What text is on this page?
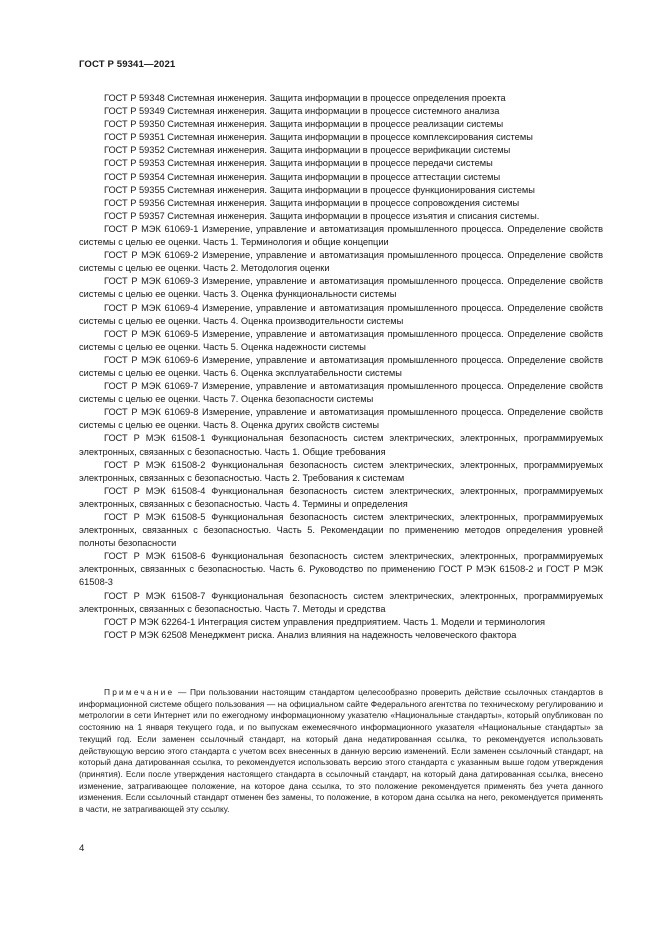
ГОСТ Р 59341—2021

ГОСТ Р 59348 Системная инженерия. Защита информации в процессе определения проекта

ГОСТ Р 59349 Системная инженерия. Защита информации в процессе системного анализа

ГОСТ Р 59350 Системная инженерия. Защита информации в процессе реализации системы

ГОСТ Р 59351 Системная инженерия. Защита информации в процессе комплексирования системы

ГОСТ Р 59352 Системная инженерия. Защита информации в процессе верификации системы

ГОСТ Р 59353 Системная инженерия. Защита информации в процессе передачи системы

ГОСТ Р 59354 Системная инженерия. Защита информации в процессе аттестации системы

ГОСТ Р 59355 Системная инженерия. Защита информации в процессе функционирования системы

ГОСТ Р 59356 Системная инженерия. Защита информации в процессе сопровождения системы

ГОСТ Р 59357 Системная инженерия. Защита информации в процессе изъятия и списания системы.

ГОСТ Р МЭК 61069-1 Измерение, управление и автоматизация промышленного процесса. Определение свойств системы с целью ее оценки. Часть 1. Терминология и общие концепции

ГОСТ Р МЭК 61069-2 Измерение, управление и автоматизация промышленного процесса. Определение свойств системы с целью ее оценки. Часть 2. Методология оценки

ГОСТ Р МЭК 61069-3 Измерение, управление и автоматизация промышленного процесса. Определение свойств системы с целью ее оценки. Часть 3. Оценка функциональности системы

ГОСТ Р МЭК 61069-4 Измерение, управление и автоматизация промышленного процесса. Определение свойств системы с целью ее оценки. Часть 4. Оценка производительности системы

ГОСТ Р МЭК 61069-5 Измерение, управление и автоматизация промышленного процесса. Определение свойств системы с целью ее оценки. Часть 5. Оценка надежности системы

ГОСТ Р МЭК 61069-6 Измерение, управление и автоматизация промышленного процесса. Определение свойств системы с целью ее оценки. Часть 6. Оценка эксплуатабельности системы

ГОСТ Р МЭК 61069-7 Измерение, управление и автоматизация промышленного процесса. Определение свойств системы с целью ее оценки. Часть 7. Оценка безопасности системы

ГОСТ Р МЭК 61069-8 Измерение, управление и автоматизация промышленного процесса. Определение свойств системы с целью ее оценки. Часть 8. Оценка других свойств системы

ГОСТ Р МЭК 61508-1 Функциональная безопасность систем электрических, электронных, программируемых электронных, связанных с безопасностью. Часть 1. Общие требования

ГОСТ Р МЭК 61508-2 Функциональная безопасность систем электрических, электронных, программируемых электронных, связанных с безопасностью. Часть 2. Требования к системам

ГОСТ Р МЭК 61508-4 Функциональная безопасность систем электрических, электронных, программируемых электронных, связанных с безопасностью. Часть 4. Термины и определения

ГОСТ Р МЭК 61508-5 Функциональная безопасность систем электрических, электронных, программируемых электронных, связанных с безопасностью. Часть 5. Рекомендации по применению методов определения уровней полноты безопасности

ГОСТ Р МЭК 61508-6 Функциональная безопасность систем электрических, электронных, программируемых электронных, связанных с безопасностью. Часть 6. Руководство по применению ГОСТ Р МЭК 61508-2 и ГОСТ Р МЭК 61508-3

ГОСТ Р МЭК 61508-7 Функциональная безопасность систем электрических, электронных, программируемых электронных, связанных с безопасностью. Часть 7. Методы и средства

ГОСТ Р МЭК 62264-1 Интеграция систем управления предприятием. Часть 1. Модели и терминология

ГОСТ Р МЭК 62508 Менеджмент риска. Анализ влияния на надежность человеческого фактора

Примечание — При пользовании настоящим стандартом целесообразно проверить действие ссылочных стандартов в информационной системе общего пользования — на официальном сайте Федерального агентства по техническому регулированию и метрологии в сети Интернет или по ежегодному информационному указателю «Национальные стандарты», который опубликован по состоянию на 1 января текущего года, и по выпускам ежемесячного информационного указателя «Национальные стандарты» за текущий год. Если заменен ссылочный стандарт, на который дана недатированная ссылка, то рекомендуется использовать действующую версию этого стандарта с учетом всех внесенных в данную версию изменений. Если заменен ссылочный стандарт, на который дана датированная ссылка, то рекомендуется использовать версию этого стандарта с указанным выше годом утверждения (принятия). Если после утверждения настоящего стандарта в ссылочный стандарт, на который дана датированная ссылка, внесено изменение, затрагивающее положение, на которое дана ссылка, то это положение рекомендуется применять без учета данного изменения. Если ссылочный стандарт отменен без замены, то положение, в котором дана ссылка на него, рекомендуется применять в части, не затрагивающей эту ссылку.

4
